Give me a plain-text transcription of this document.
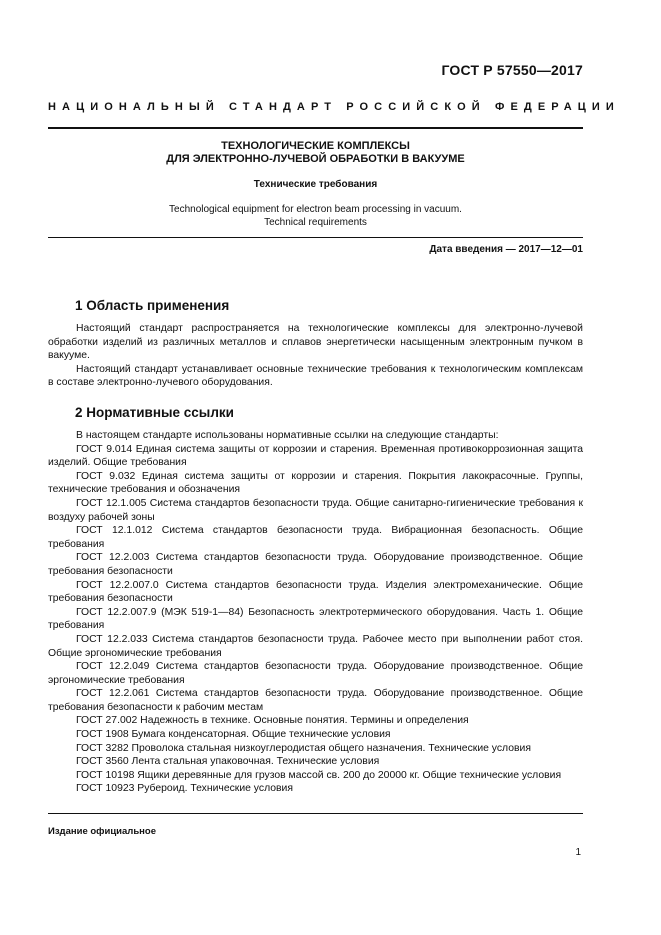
ГОСТ Р 57550—2017
НАЦИОНАЛЬНЫЙ СТАНДАРТ РОССИЙСКОЙ ФЕДЕРАЦИИ
ТЕХНОЛОГИЧЕСКИЕ КОМПЛЕКСЫ
ДЛЯ ЭЛЕКТРОННО-ЛУЧЕВОЙ ОБРАБОТКИ В ВАКУУМЕ
Технические требования
Technological equipment for electron beam processing in vacuum.
Technical requirements
Дата введения — 2017—12—01
1 Область применения

Настоящий стандарт распространяется на технологические комплексы для электронно-лучевой обработки изделий из различных металлов и сплавов энергетически насыщенным электронным пучком в вакууме.

Настоящий стандарт устанавливает основные технические требования к технологическим комплексам в составе электронно-лучевого оборудования.

2 Нормативные ссылки

В настоящем стандарте использованы нормативные ссылки на следующие стандарты:

ГОСТ 9.014 Единая система защиты от коррозии и старения. Временная противокоррозионная защита изделий. Общие требования

ГОСТ 9.032 Единая система защиты от коррозии и старения. Покрытия лакокрасочные. Группы, технические требования и обозначения

ГОСТ 12.1.005 Система стандартов безопасности труда. Общие санитарно-гигиенические требования к воздуху рабочей зоны

ГОСТ 12.1.012 Система стандартов безопасности труда. Вибрационная безопасность. Общие требования

ГОСТ 12.2.003 Система стандартов безопасности труда. Оборудование производственное. Общие требования безопасности

ГОСТ 12.2.007.0 Система стандартов безопасности труда. Изделия электромеханические. Общие требования безопасности

ГОСТ 12.2.007.9 (МЭК 519-1—84) Безопасность электротермического оборудования. Часть 1. Общие требования

ГОСТ 12.2.033 Система стандартов безопасности труда. Рабочее место при выполнении работ стоя. Общие эргономические требования

ГОСТ 12.2.049 Система стандартов безопасности труда. Оборудование производственное. Общие эргономические требования

ГОСТ 12.2.061 Система стандартов безопасности труда. Оборудование производственное. Общие требования безопасности к рабочим местам

ГОСТ 27.002 Надежность в технике. Основные понятия. Термины и определения

ГОСТ 1908 Бумага конденсаторная. Общие технические условия

ГОСТ 3282 Проволока стальная низкоуглеродистая общего назначения. Технические условия

ГОСТ 3560 Лента стальная упаковочная. Технические условия

ГОСТ 10198 Ящики деревянные для грузов массой св. 200 до 20000 кг. Общие технические условия

ГОСТ 10923 Рубероид. Технические условия

Издание официальное
1
